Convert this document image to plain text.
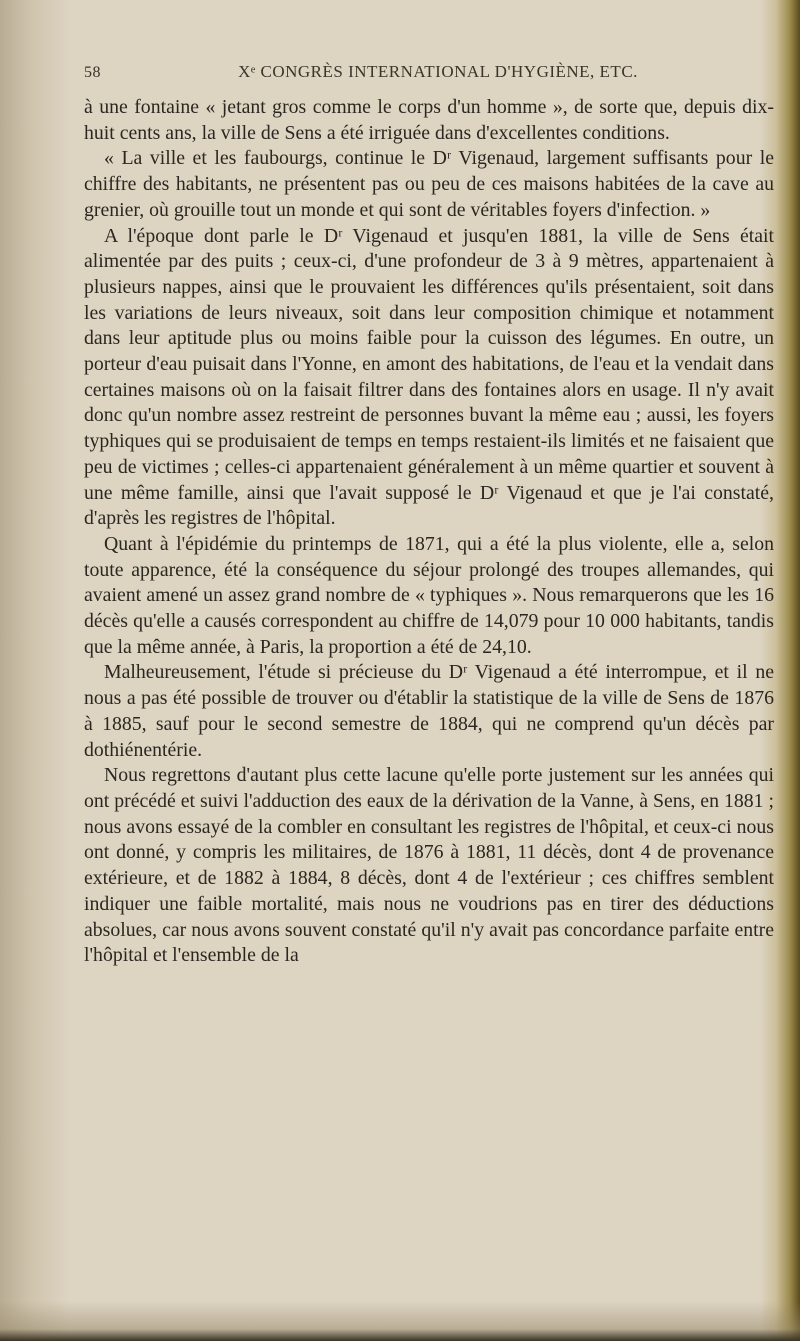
58	Xᵉ CONGRÈS INTERNATIONAL D'HYGIÈNE, ETC.

à une fontaine « jetant gros comme le corps d'un homme », de sorte que, depuis dix-huit cents ans, la ville de Sens a été irriguée dans d'excellentes conditions.

« La ville et les faubourgs, continue le Dʳ Vigenaud, largement suffisants pour le chiffre des habitants, ne présentent pas ou peu de ces maisons habitées de la cave au grenier, où grouille tout un monde et qui sont de véritables foyers d'infection. »

A l'époque dont parle le Dʳ Vigenaud et jusqu'en 1881, la ville de Sens était alimentée par des puits ; ceux-ci, d'une profondeur de 3 à 9 mètres, appartenaient à plusieurs nappes, ainsi que le prouvaient les différences qu'ils présentaient, soit dans les variations de leurs niveaux, soit dans leur composition chimique et notamment dans leur aptitude plus ou moins faible pour la cuisson des légumes. En outre, un porteur d'eau puisait dans l'Yonne, en amont des habitations, de l'eau et la vendait dans certaines maisons où on la faisait filtrer dans des fontaines alors en usage. Il n'y avait donc qu'un nombre assez restreint de personnes buvant la même eau ; aussi, les foyers typhiques qui se produisaient de temps en temps restaient-ils limités et ne faisaient que peu de victimes ; celles-ci appartenaient généralement à un même quartier et souvent à une même famille, ainsi que l'avait supposé le Dʳ Vigenaud et que je l'ai constaté, d'après les registres de l'hôpital.

Quant à l'épidémie du printemps de 1871, qui a été la plus violente, elle a, selon toute apparence, été la conséquence du séjour prolongé des troupes allemandes, qui avaient amené un assez grand nombre de « typhiques ». Nous remarquerons que les 16 décès qu'elle a causés correspondent au chiffre de 14,079 pour 10 000 habitants, tandis que la même année, à Paris, la proportion a été de 24,10.

Malheureusement, l'étude si précieuse du Dʳ Vigenaud a été interrompue, et il ne nous a pas été possible de trouver ou d'établir la statistique de la ville de Sens de 1876 à 1885, sauf pour le second semestre de 1884, qui ne comprend qu'un décès par dothiénentérie.

Nous regrettons d'autant plus cette lacune qu'elle porte justement sur les années qui ont précédé et suivi l'adduction des eaux de la dérivation de la Vanne, à Sens, en 1881 ; nous avons essayé de la combler en consultant les registres de l'hôpital, et ceux-ci nous ont donné, y compris les militaires, de 1876 à 1881, 11 décès, dont 4 de provenance extérieure, et de 1882 à 1884, 8 décès, dont 4 de l'extérieur ; ces chiffres semblent indiquer une faible mortalité, mais nous ne voudrions pas en tirer des déductions absolues, car nous avons souvent constaté qu'il n'y avait pas concordance parfaite entre l'hôpital et l'ensemble de la
